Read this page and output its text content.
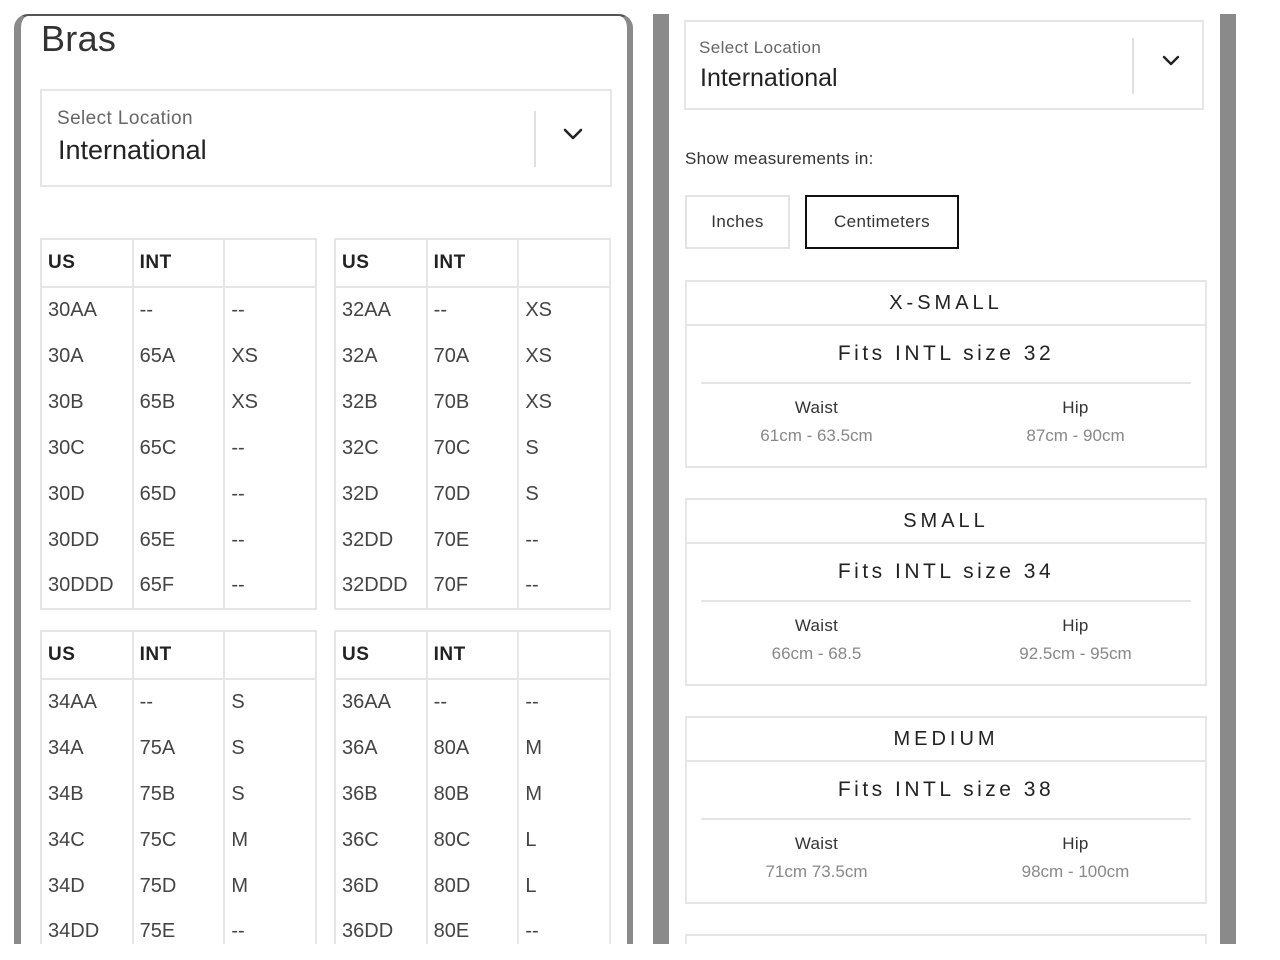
Bras
Select Location
International
US	INT	
30AA	--	--
30A	65A	XS
30B	65B	XS
30C	65C	--
30D	65D	--
30DD	65E	--
30DDD	65F	--
US	INT	
32AA	--	XS
32A	70A	XS
32B	70B	XS
32C	70C	S
32D	70D	S
32DD	70E	--
32DDD	70F	--
US	INT	
34AA	--	S
34A	75A	S
34B	75B	S
34C	75C	M
34D	75D	M
34DD	75E	--
US	INT	
36AA	--	--
36A	80A	M
36B	80B	M
36C	80C	L
36D	80D	L
36DD	80E	--
Select Location
International
Show measurements in:
Inches	Centimeters
X-SMALL
Fits INTL size 32
Waist
61cm - 63.5cm
Hip
87cm - 90cm
SMALL
Fits INTL size 34
Waist
66cm - 68.5
Hip
92.5cm - 95cm
MEDIUM
Fits INTL size 38
Waist
71cm 73.5cm
Hip
98cm - 100cm
